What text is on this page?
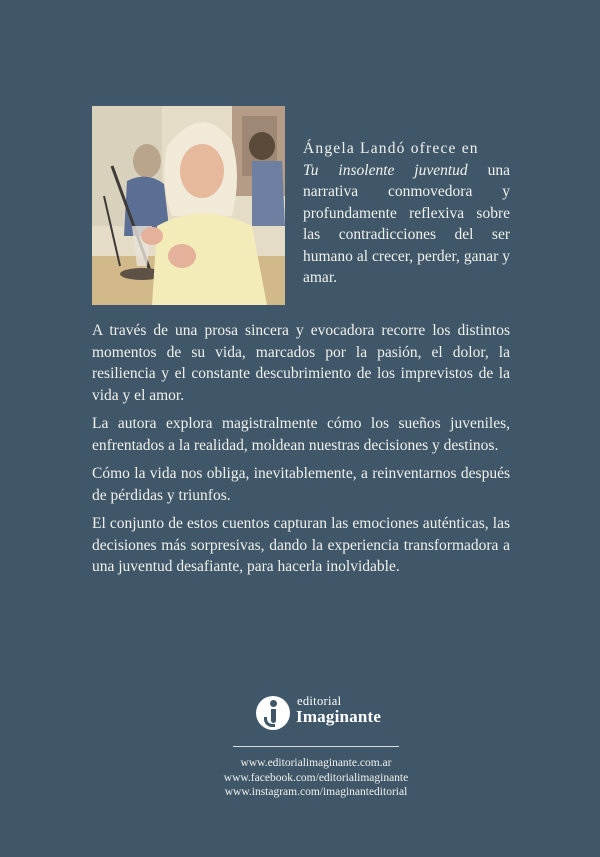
Ángela Landó ofrece en
Tu insolente juventud una narrativa conmovedora y profundamente reflexiva sobre las contradicciones del ser humano al crecer, perder, ganar y amar.

A través de una prosa sincera y evocadora recorre los distintos momentos de su vida, marcados por la pasión, el dolor, la resiliencia y el constante descubrimiento de los imprevistos de la vida y el amor.

La autora explora magistralmente cómo los sueños juveniles, enfrentados a la realidad, moldean nuestras decisiones y destinos.

Cómo la vida nos obliga, inevitablemente, a reinventarnos después de pérdidas y triunfos.

El conjunto de estos cuentos capturan las emociones auténticas, las decisiones más sorpresivas, dando la experiencia transformadora a una juventud desafiante, para hacerla inolvidable.

editorial
Imaginante
www.editorialimaginante.com.ar
www.facebook.com/editorialimaginante
www.instagram.com/imaginanteditorial
